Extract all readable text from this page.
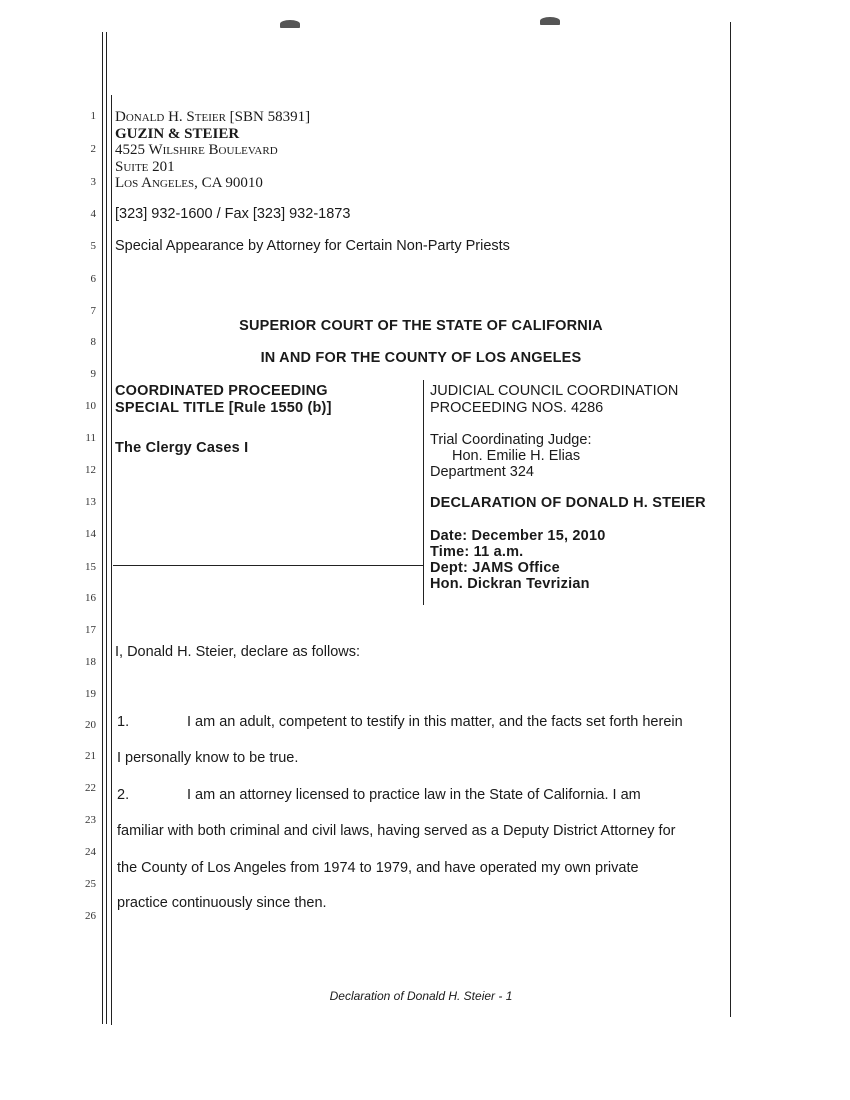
1
2
3
4
5
6
7
8
9
10
11
12
13
14
15
16
17
18
19
20
21
22
23
24
25
26
Donald H. Steier [SBN 58391]
GUZIN & STEIER
4525 Wilshire Boulevard
Suite 201
Los Angeles, CA 90010
[323] 932-1600 / Fax [323] 932-1873
Special Appearance by Attorney for Certain Non-Party Priests
SUPERIOR COURT OF THE STATE OF CALIFORNIA
IN AND FOR THE COUNTY OF LOS ANGELES
COORDINATED PROCEEDING
SPECIAL TITLE [Rule 1550 (b)]
The Clergy Cases I
JUDICIAL COUNCIL COORDINATION
PROCEEDING NOS. 4286
Trial Coordinating Judge:
Hon. Emilie H. Elias
Department 324
DECLARATION OF DONALD H. STEIER
Date: December 15, 2010
Time: 11 a.m.
Dept: JAMS Office
Hon. Dickran Tevrizian
I, Donald H. Steier, declare as follows:
1.	I am an adult, competent to testify in this matter, and the facts set forth herein
I personally know to be true.
2.	I am an attorney licensed to practice law in the State of California. I am
familiar with both criminal and civil laws, having served as a Deputy District Attorney for
the County of Los Angeles from 1974 to 1979, and have operated my own private
practice continuously since then.
Declaration of Donald H. Steier - 1
